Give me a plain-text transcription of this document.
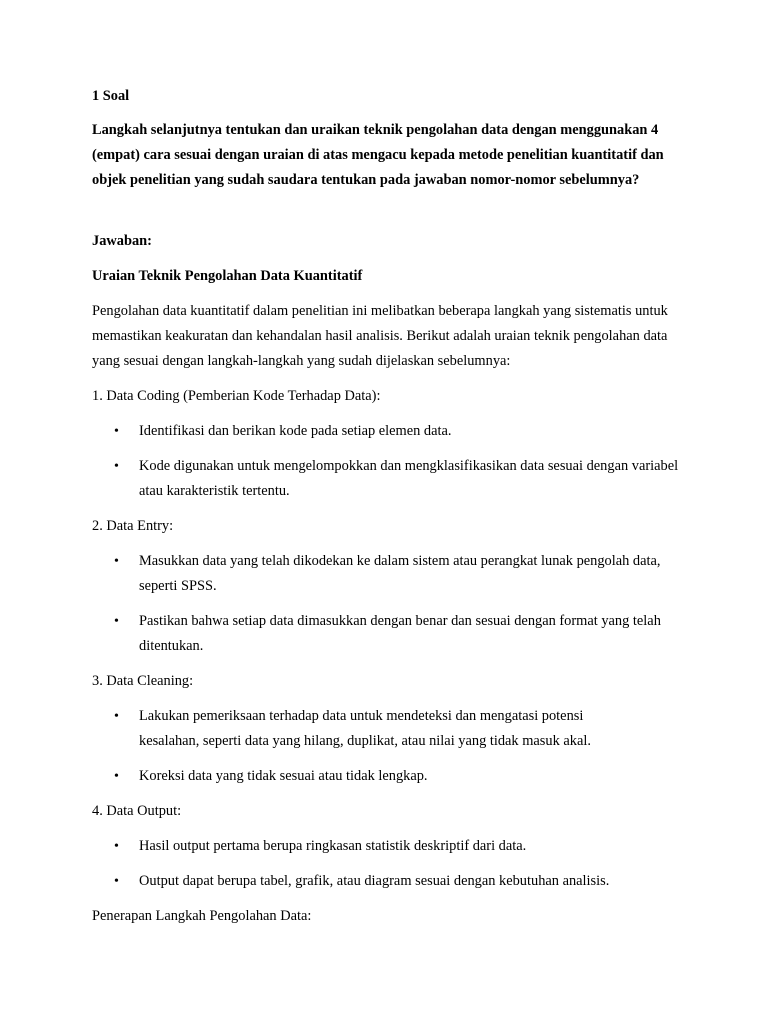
1 Soal

Langkah selanjutnya tentukan dan uraikan teknik pengolahan data dengan menggunakan 4 (empat) cara sesuai dengan uraian di atas mengacu kepada metode penelitian kuantitatif dan objek penelitian yang sudah saudara tentukan pada jawaban nomor-nomor sebelumnya?

Jawaban:

Uraian Teknik Pengolahan Data Kuantitatif

Pengolahan data kuantitatif dalam penelitian ini melibatkan beberapa langkah yang sistematis untuk memastikan keakuratan dan kehandalan hasil analisis. Berikut adalah uraian teknik pengolahan data yang sesuai dengan langkah-langkah yang sudah dijelaskan sebelumnya:

1. Data Coding (Pemberian Kode Terhadap Data):

•	Identifikasi dan berikan kode pada setiap elemen data.

•	Kode digunakan untuk mengelompokkan dan mengklasifikasikan data sesuai dengan variabel atau karakteristik tertentu.

2. Data Entry:

•	Masukkan data yang telah dikodekan ke dalam sistem atau perangkat lunak pengolah data, seperti SPSS.

•	Pastikan bahwa setiap data dimasukkan dengan benar dan sesuai dengan format yang telah ditentukan.

3. Data Cleaning:

•	Lakukan pemeriksaan terhadap data untuk mendeteksi dan mengatasi potensi kesalahan, seperti data yang hilang, duplikat, atau nilai yang tidak masuk akal.

•	Koreksi data yang tidak sesuai atau tidak lengkap.

4. Data Output:

•	Hasil output pertama berupa ringkasan statistik deskriptif dari data.

•	Output dapat berupa tabel, grafik, atau diagram sesuai dengan kebutuhan analisis.

Penerapan Langkah Pengolahan Data:
